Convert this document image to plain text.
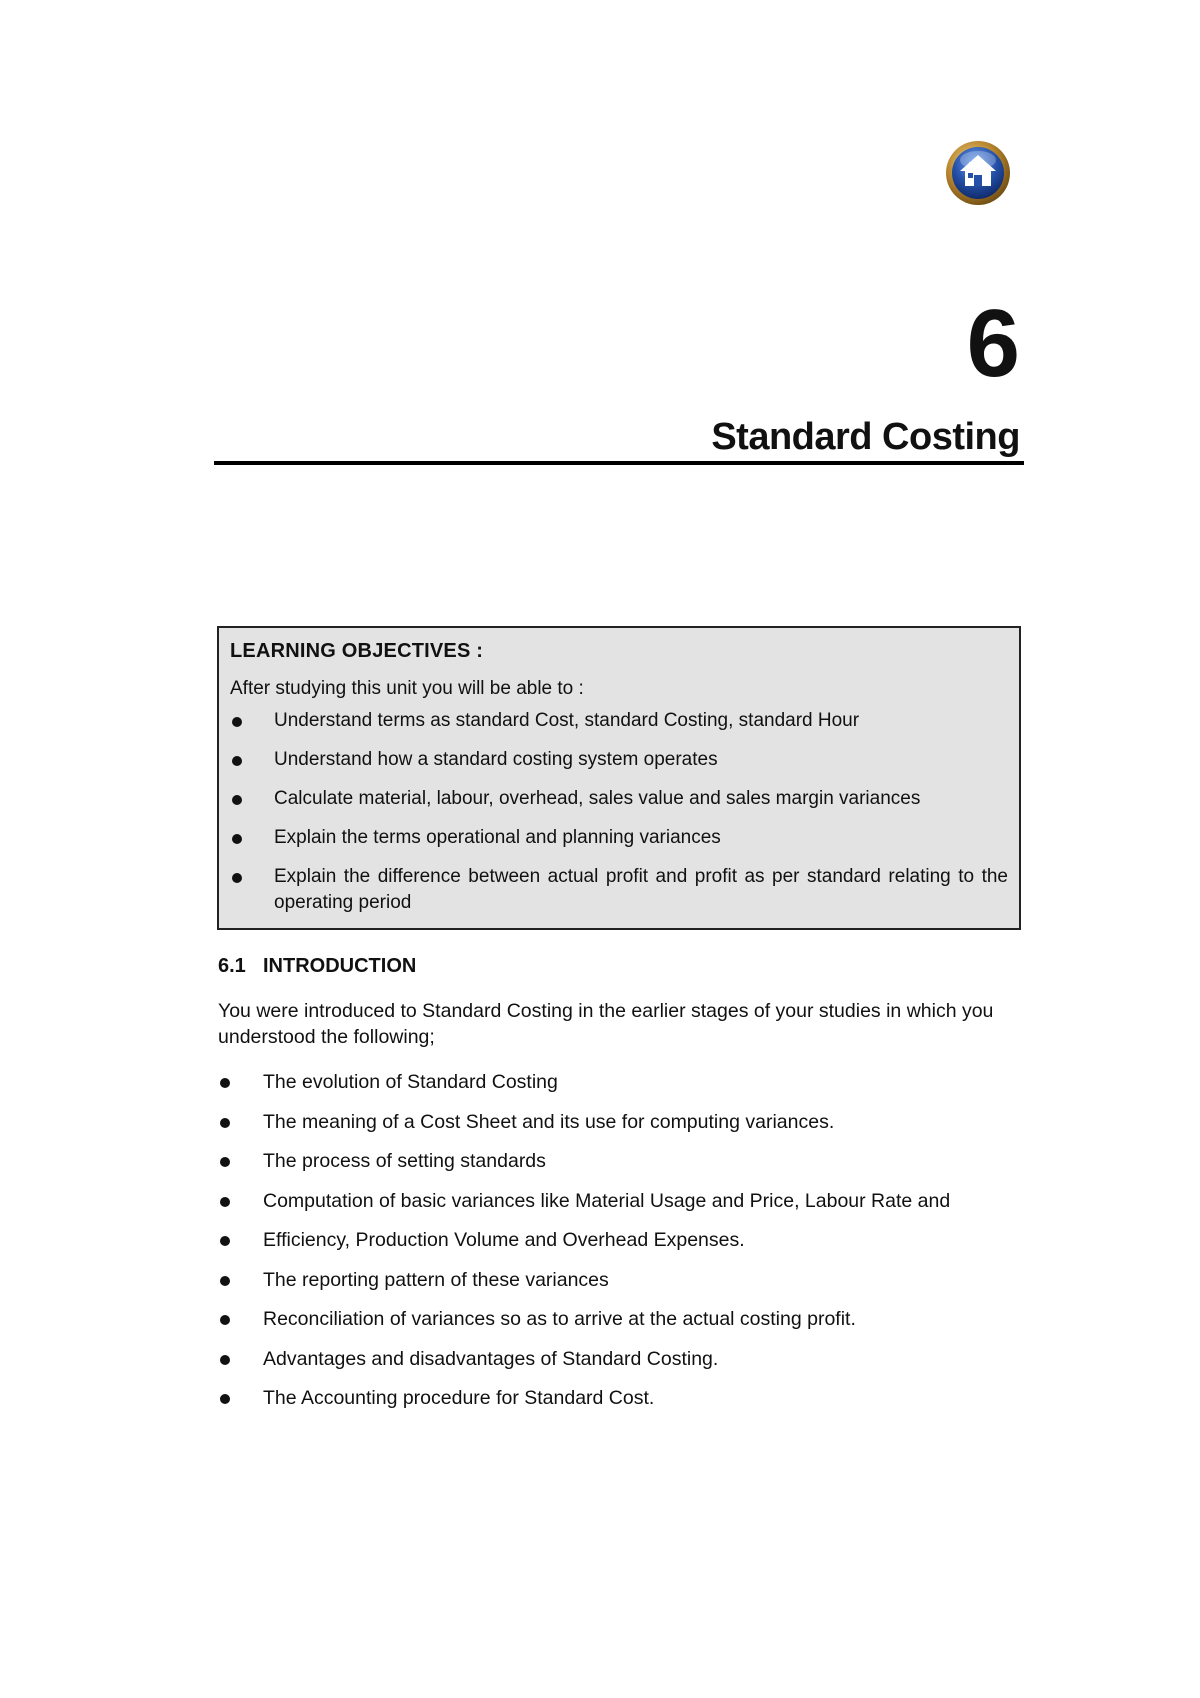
6
Standard Costing
LEARNING OBJECTIVES :
After studying this unit you will be able to :
Understand terms as standard Cost, standard Costing, standard Hour
Understand how a standard costing system operates
Calculate material, labour, overhead, sales value and sales margin variances
Explain the terms operational and planning variances
Explain the difference between actual profit and profit as per standard relating to the operating period
6.1 INTRODUCTION
You were introduced to Standard Costing in the earlier stages of your studies in which you understood the following;
The evolution of Standard Costing
The meaning of a Cost Sheet and its use for computing variances.
The process of setting standards
Computation of basic variances like Material Usage and Price, Labour Rate and
Efficiency, Production Volume and Overhead Expenses.
The reporting pattern of these variances
Reconciliation of variances so as to arrive at the actual costing profit.
Advantages and disadvantages of Standard Costing.
The Accounting procedure for Standard Cost.
